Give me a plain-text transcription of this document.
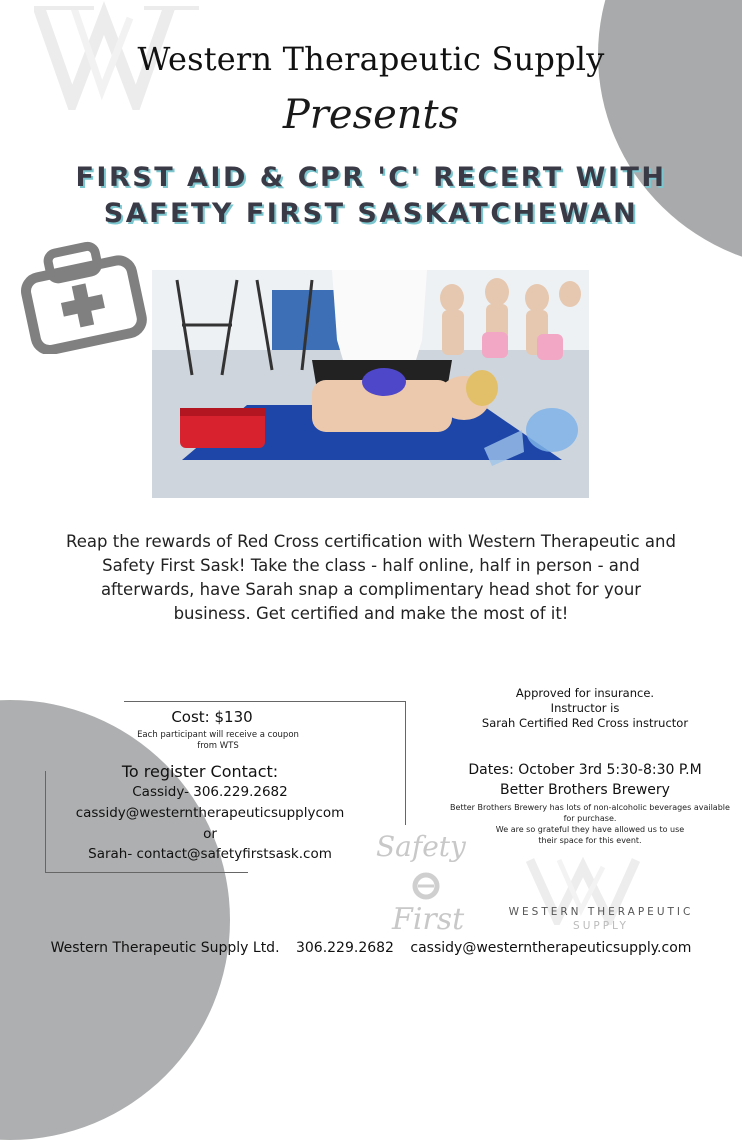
Western Therapeutic Supply
Presents
FIRST AID & CPR 'C' RECERT WITH
SAFETY FIRST SASKATCHEWAN
Reap the rewards of Red Cross certification with Western Therapeutic and Safety First Sask! Take the class - half online, half in person - and afterwards, have Sarah snap a complimentary head shot for your business. Get certified and make the most of it!
Cost: $130
Each participant will receive a coupon
from WTS
To register Contact:
Cassidy- 306.229.2682
cassidy@westerntherapeuticsupplycom
or
Sarah- contact@safetyfirstsask.com
Approved for insurance.
Instructor is
Sarah Certified Red Cross instructor
Dates: October 3rd 5:30-8:30 P.M
Better Brothers Brewery
Better Brothers Brewery has lots of non-alcoholic beverages available
for purchase.
We are so grateful they have allowed us to use
their space for this event.
Safety
First	WESTERN THERAPEUTIC
SUPPLY
Western Therapeutic Supply Ltd. 306.229.2682 cassidy@westerntherapeuticsupply.com
